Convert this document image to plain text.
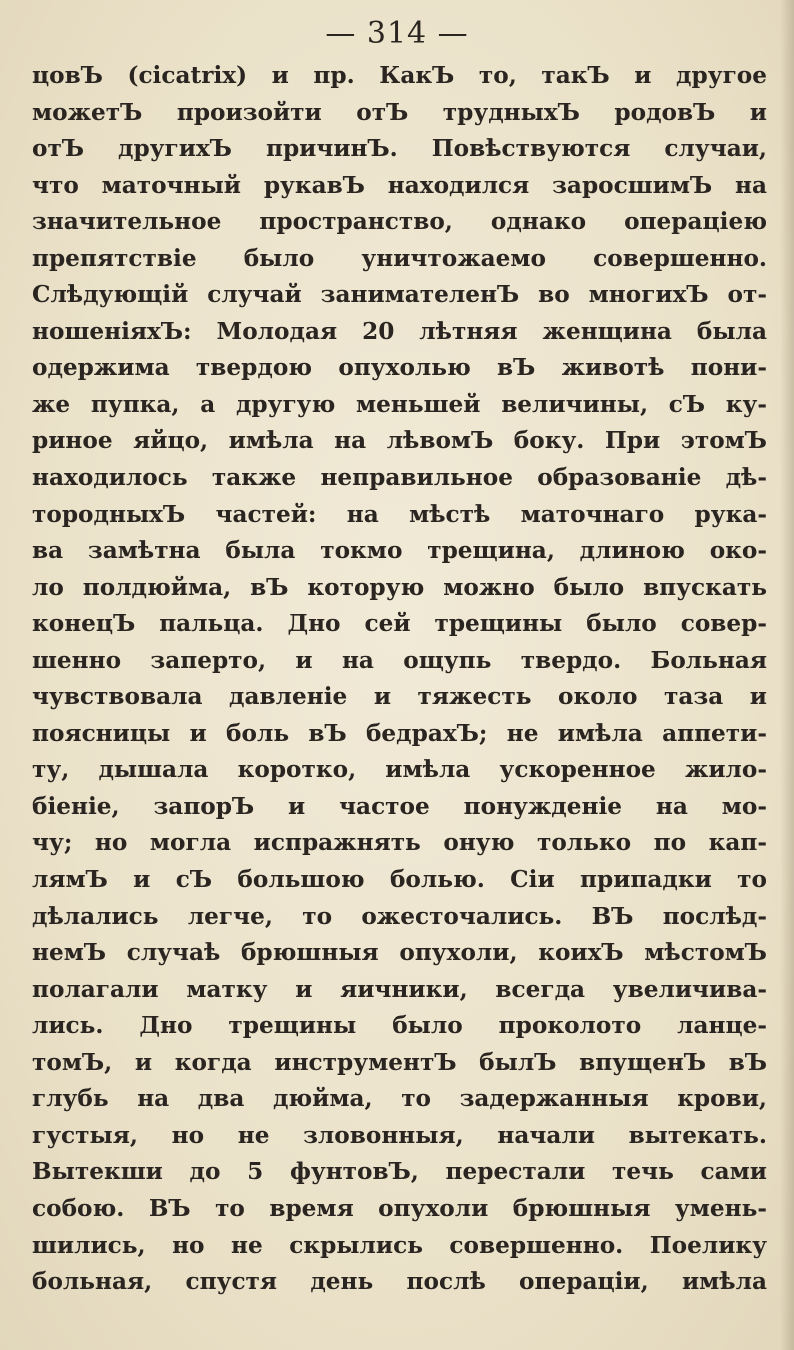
— 314 —
цовЪ (cicatrix) и пр. КакЪ то, такЪ и другое
можетЪ произойти отЪ трудныхЪ родовЪ и
отЪ другихЪ причинЪ. Повѣствуются случаи,
что маточный рукавЪ находился заросшимЪ на
значительное пространство, однако операціею
препятствіе было уничтожаемо совершенно.
Слѣдующій случай занимателенЪ во многихЪ от-
ношеніяхЪ: Молодая 20 лѣтняя женщина была
одержима твердою опухолью вЪ животѣ пони-
же пупка, а другую меньшей величины, сЪ ку-
риное яйцо, имѣла на лѣвомЪ боку. При этомЪ
находилось также неправильное образованіе дѣ-
тородныхЪ частей: на мѣстѣ маточнаго рука-
ва замѣтна была токмо трещина, длиною око-
ло полдюйма, вЪ которую можно было впускать
конецЪ пальца. Дно сей трещины было совер-
шенно заперто, и на ощупь твердо. Больная
чувствовала давленіе и тяжесть около таза и
поясницы и боль вЪ бедрахЪ; не имѣла аппети-
ту, дышала коротко, имѣла ускоренное жило-
біеніе, запорЪ и частое понужденіе на мо-
чу; но могла испражнять оную только по кап-
лямЪ и сЪ большою болью. Сіи припадки то
дѣлались легче, то ожесточались. ВЪ послѣд-
немЪ случаѣ брюшныя опухоли, коихЪ мѣстомЪ
полагали матку и яичники, всегда увеличива-
лись. Дно трещины было проколото ланце-
томЪ, и когда инструментЪ былЪ впущенЪ вЪ
глубь на два дюйма, то задержанныя крови,
густыя, но не зловонныя, начали вытекать.
Вытекши до 5 фунтовЪ, перестали течь сами
собою. ВЪ то время опухоли брюшныя умень-
шились, но не скрылись совершенно. Поелику
больная, спустя день послѣ операціи, имѣла
